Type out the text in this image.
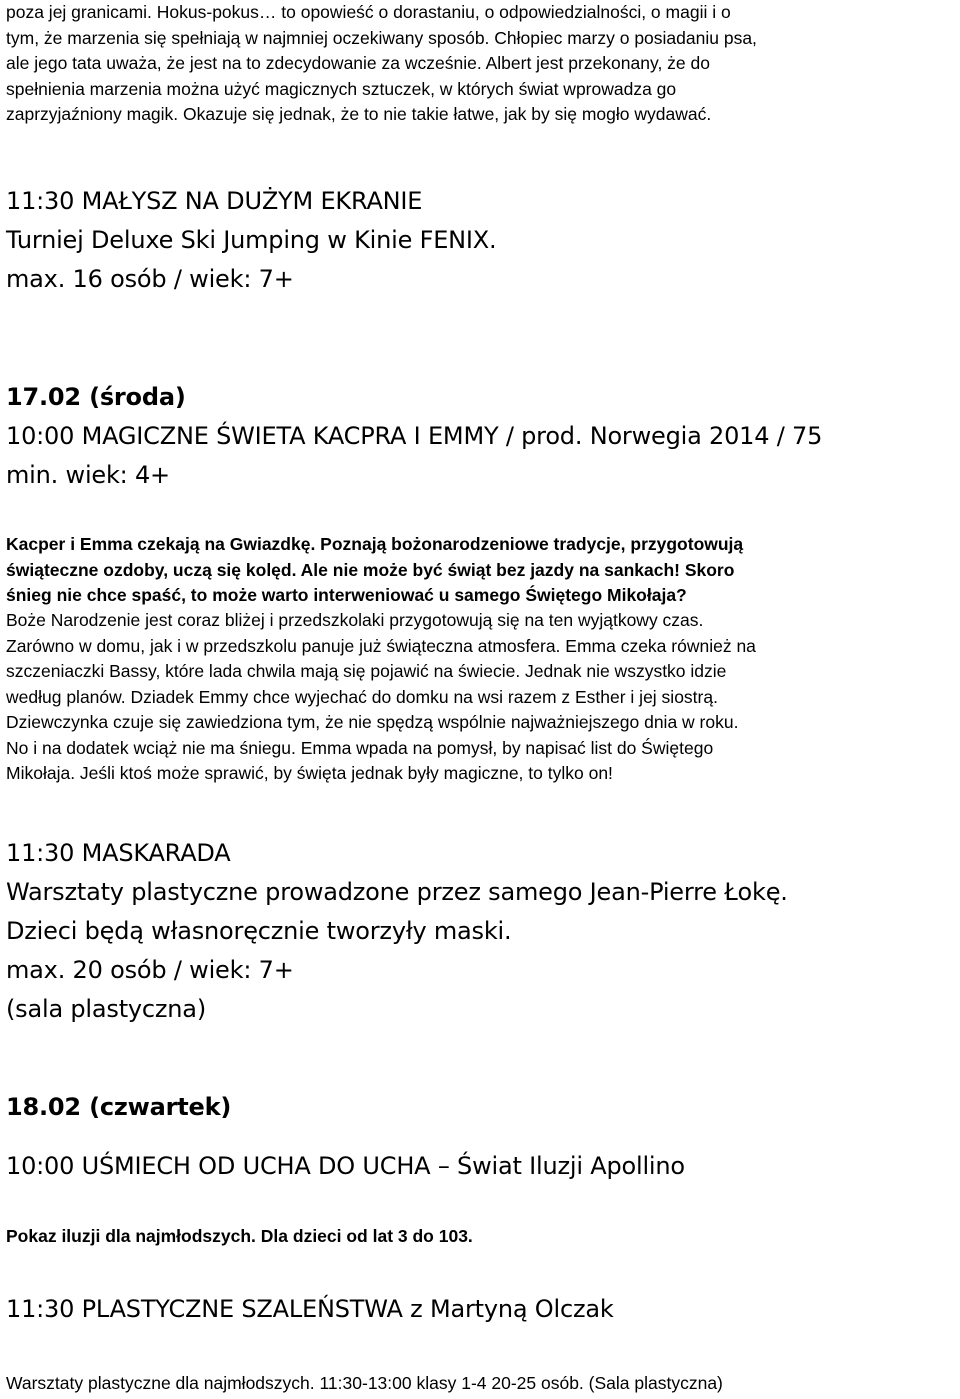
poza jej granicami. Hokus-pokus… to opowieść o dorastaniu, o odpowiedzialności, o magii i o

tym, że marzenia się spełniają w najmniej oczekiwany sposób. Chłopiec marzy o posiadaniu psa,

ale jego tata uważa, że jest na to zdecydowanie za wcześnie. Albert jest przekonany, że do

spełnienia marzenia można użyć magicznych sztuczek, w których świat wprowadza go

zaprzyjaźniony magik. Okazuje się jednak, że to nie takie łatwe, jak by się mogło wydawać.

11:30 MAŁYSZ NA DUŻYM EKRANIE

Turniej Deluxe Ski Jumping w Kinie FENIX.

max. 16 osób / wiek: 7+

17.02 (środa)

10:00 MAGICZNE ŚWIETA KACPRA I EMMY / prod. Norwegia 2014 / 75

min. wiek: 4+

Kacper i Emma czekają na Gwiazdkę. Poznają bożonarodzeniowe tradycje, przygotowują

świąteczne ozdoby, uczą się kolęd. Ale nie może być świąt bez jazdy na sankach! Skoro

śnieg nie chce spaść, to może warto interweniować u samego Świętego Mikołaja?

Boże Narodzenie jest coraz bliżej i przedszkolaki przygotowują się na ten wyjątkowy czas.

Zarówno w domu, jak i w przedszkolu panuje już świąteczna atmosfera. Emma czeka również na

szczeniaczki Bassy, które lada chwila mają się pojawić na świecie. Jednak nie wszystko idzie

według planów. Dziadek Emmy chce wyjechać do domku na wsi razem z Esther i jej siostrą.

Dziewczynka czuje się zawiedziona tym, że nie spędzą wspólnie najważniejszego dnia w roku.

No i na dodatek wciąż nie ma śniegu. Emma wpada na pomysł, by napisać list do Świętego

Mikołaja. Jeśli ktoś może sprawić, by święta jednak były magiczne, to tylko on!

11:30 MASKARADA

Warsztaty plastyczne prowadzone przez samego Jean-Pierre Łokę.

Dzieci będą własnoręcznie tworzyły maski.

max. 20 osób / wiek: 7+

(sala plastyczna)

18.02 (czwartek)

10:00 UŚMIECH OD UCHA DO UCHA – Świat Iluzji Apollino

Pokaz iluzji dla najmłodszych. Dla dzieci od lat 3 do 103.

11:30 PLASTYCZNE SZALEŃSTWA z Martyną Olczak

Warsztaty plastyczne dla najmłodszych. 11:30-13:00 klasy 1-4 20-25 osób. (Sala plastyczna)
